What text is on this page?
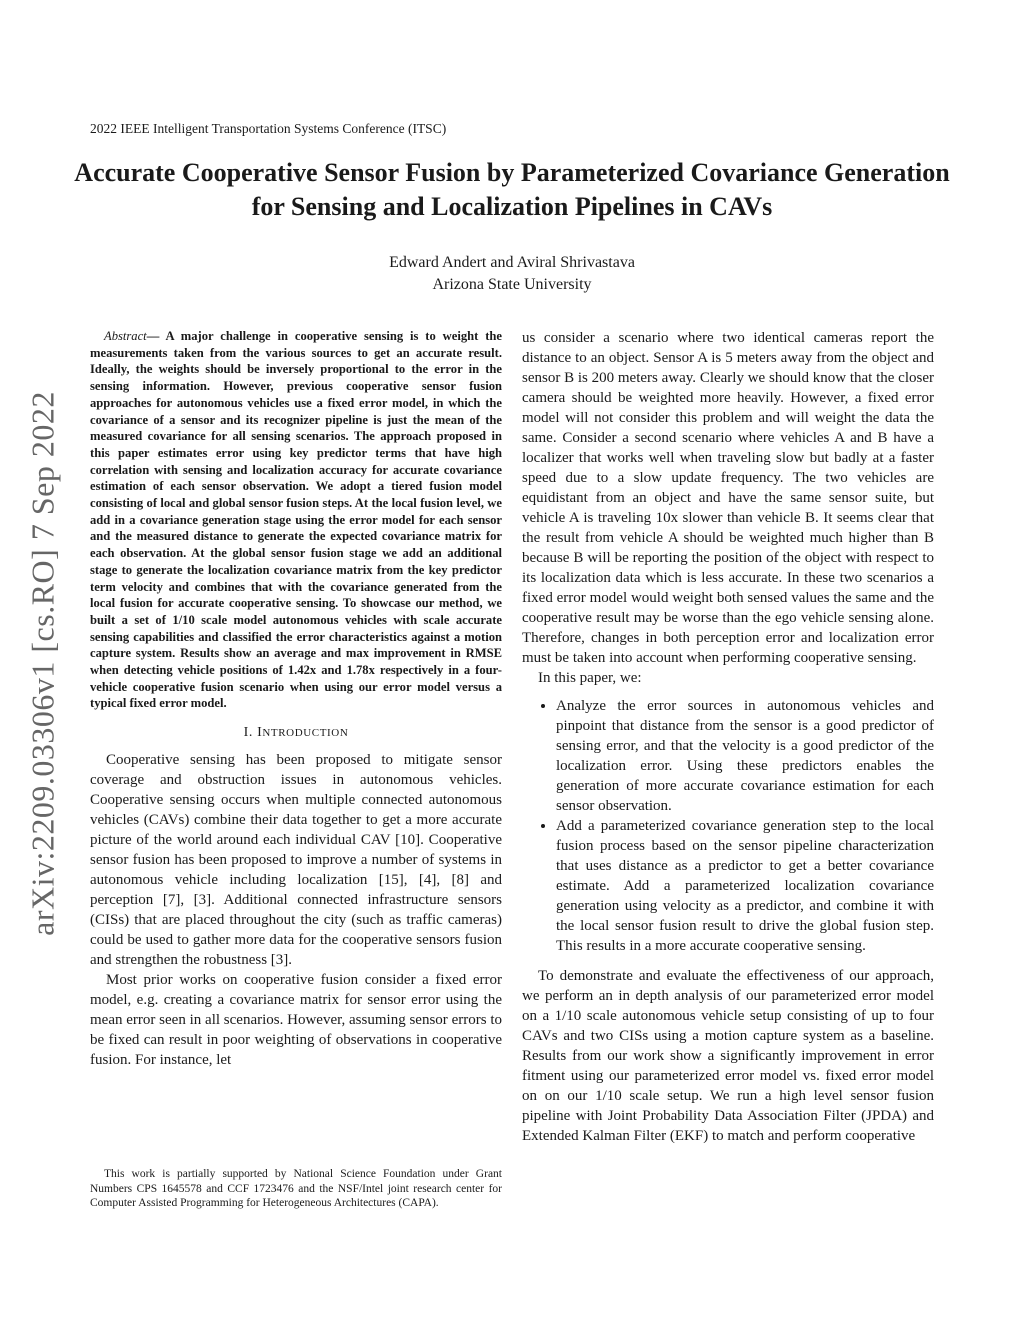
2022 IEEE Intelligent Transportation Systems Conference (ITSC)
Accurate Cooperative Sensor Fusion by Parameterized Covariance Generation for Sensing and Localization Pipelines in CAVs
Edward Andert and Aviral Shrivastava
Arizona State University
arXiv:2209.03306v1 [cs.RO] 7 Sep 2022

Abstract— A major challenge in cooperative sensing is to weight the measurements taken from the various sources to get an accurate result. Ideally, the weights should be inversely proportional to the error in the sensing information. However, previous cooperative sensor fusion approaches for autonomous vehicles use a fixed error model, in which the covariance of a sensor and its recognizer pipeline is just the mean of the measured covariance for all sensing scenarios. The approach proposed in this paper estimates error using key predictor terms that have high correlation with sensing and localization accuracy for accurate covariance estimation of each sensor observation. We adopt a tiered fusion model consisting of local and global sensor fusion steps. At the local fusion level, we add in a covariance generation stage using the error model for each sensor and the measured distance to generate the expected covariance matrix for each observation. At the global sensor fusion stage we add an additional stage to generate the localization covariance matrix from the key predictor term velocity and combines that with the covariance generated from the local fusion for accurate cooperative sensing. To showcase our method, we built a set of 1/10 scale model autonomous vehicles with scale accurate sensing capabilities and classified the error characteristics against a motion capture system. Results show an average and max improvement in RMSE when detecting vehicle positions of 1.42x and 1.78x respectively in a four-vehicle cooperative fusion scenario when using our error model versus a typical fixed error model.

I. INTRODUCTION

Cooperative sensing has been proposed to mitigate sensor coverage and obstruction issues in autonomous vehicles. Cooperative sensing occurs when multiple connected autonomous vehicles (CAVs) combine their data together to get a more accurate picture of the world around each individual CAV [10]. Cooperative sensor fusion has been proposed to improve a number of systems in autonomous vehicle including localization [15], [4], [8] and perception [7], [3]. Additional connected infrastructure sensors (CISs) that are placed throughout the city (such as traffic cameras) could be used to gather more data for the cooperative sensors fusion and strengthen the robustness [3].

Most prior works on cooperative fusion consider a fixed error model, e.g. creating a covariance matrix for sensor error using the mean error seen in all scenarios. However, assuming sensor errors to be fixed can result in poor weighting of observations in cooperative fusion. For instance, let

This work is partially supported by National Science Foundation under Grant Numbers CPS 1645578 and CCF 1723476 and the NSF/Intel joint research center for Computer Assisted Programming for Heterogeneous Architectures (CAPA).

us consider a scenario where two identical cameras report the distance to an object. Sensor A is 5 meters away from the object and sensor B is 200 meters away. Clearly we should know that the closer camera should be weighted more heavily. However, a fixed error model will not consider this problem and will weight the data the same. Consider a second scenario where vehicles A and B have a localizer that works well when traveling slow but badly at a faster speed due to a slow update frequency. The two vehicles are equidistant from an object and have the same sensor suite, but vehicle A is traveling 10x slower than vehicle B. It seems clear that the result from vehicle A should be weighted much higher than B because B will be reporting the position of the object with respect to its localization data which is less accurate. In these two scenarios a fixed error model would weight both sensed values the same and the cooperative result may be worse than the ego vehicle sensing alone. Therefore, changes in both perception error and localization error must be taken into account when performing cooperative sensing.

In this paper, we:

• Analyze the error sources in autonomous vehicles and pinpoint that distance from the sensor is a good predictor of sensing error, and that the velocity is a good predictor of the localization error. Using these predictors enables the generation of more accurate covariance estimation for each sensor observation.
• Add a parameterized covariance generation step to the local fusion process based on the sensor pipeline characterization that uses distance as a predictor to get a better covariance estimate. Add a parameterized localization covariance generation using velocity as a predictor, and combine it with the local sensor fusion result to drive the global fusion step. This results in a more accurate cooperative sensing.

To demonstrate and evaluate the effectiveness of our approach, we perform an in depth analysis of our parameterized error model on a 1/10 scale autonomous vehicle setup consisting of up to four CAVs and two CISs using a motion capture system as a baseline. Results from our work show a significantly improvement in error fitment using our parameterized error model vs. fixed error model on on our 1/10 scale setup. We run a high level sensor fusion pipeline with Joint Probability Data Association Filter (JPDA) and Extended Kalman Filter (EKF) to match and perform cooperative
